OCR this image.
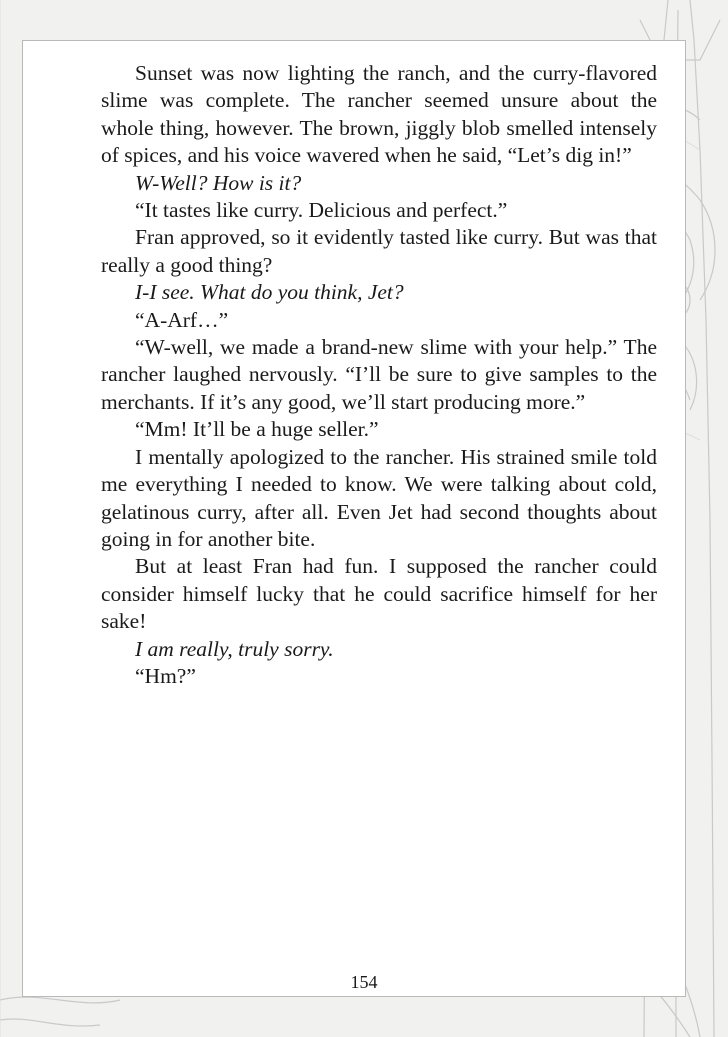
Sunset was now lighting the ranch, and the curry-flavored slime was complete. The rancher seemed unsure about the whole thing, however. The brown, jiggly blob smelled intensely of spices, and his voice wavered when he said, “Let’s dig in!”

W-Well? How is it?

“It tastes like curry. Delicious and perfect.”

Fran approved, so it evidently tasted like curry. But was that really a good thing?

I-I see. What do you think, Jet?

“A-Arf…”

“W-well, we made a brand-new slime with your help.” The rancher laughed nervously. “I’ll be sure to give samples to the merchants. If it’s any good, we’ll start producing more.”

“Mm! It’ll be a huge seller.”

I mentally apologized to the rancher. His strained smile told me everything I needed to know. We were talking about cold, gelatinous curry, after all. Even Jet had second thoughts about going in for another bite.

But at least Fran had fun. I supposed the rancher could consider himself lucky that he could sacrifice himself for her sake!

I am really, truly sorry.

“Hm?”

154
